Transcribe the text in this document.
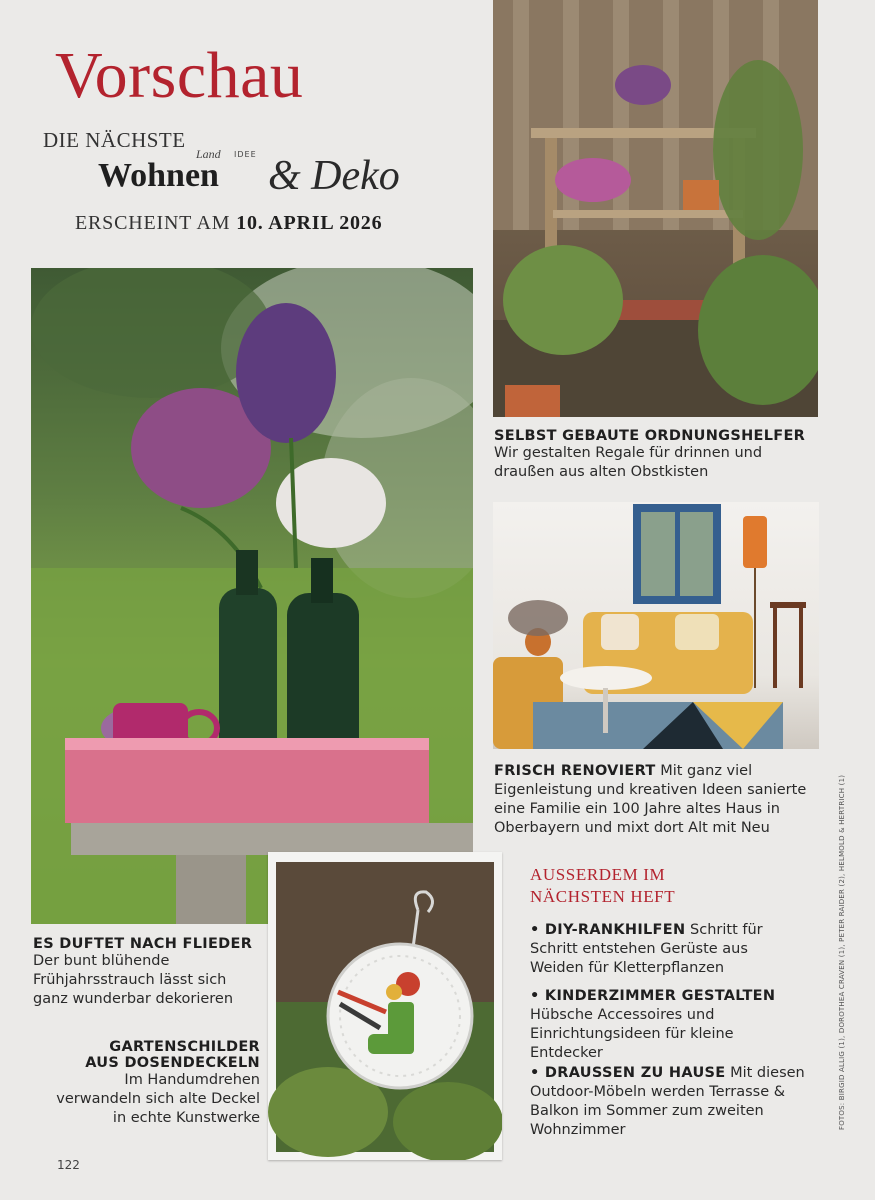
Vorschau
DIE NÄCHSTE
Land IDEE
Wohnen & Deko
ERSCHEINT AM 10. APRIL 2026
SELBST GEBAUTE ORDNUNGSHELFER
Wir gestalten Regale für drinnen und draußen aus alten Obstkisten
FRISCH RENOVIERT Mit ganz viel Eigenleistung und kreativen Ideen sanierte eine Familie ein 100 Jahre altes Haus in Oberbayern und mixt dort Alt mit Neu
ES DUFTET NACH FLIEDER
Der bunt blühende Frühjahrsstrauch lässt sich ganz wunderbar dekorieren
GARTENSCHILDER
AUS DOSENDECKELN
Im Handumdrehen verwandeln sich alte Deckel in echte Kunstwerke
AUSSERDEM IM
NÄCHSTEN HEFT
• DIY-RANKHILFEN Schritt für Schritt entstehen Gerüste aus Weiden für Kletterpflanzen
• KINDERZIMMER GESTALTEN Hübsche Accessoires und Einrichtungsideen für kleine Entdecker
• DRAUSSEN ZU HAUSE Mit diesen Outdoor-Möbeln werden Terrasse & Balkon im Sommer zum zweiten Wohnzimmer
122
FOTOS: BIRGID ALLIG (1), DOROTHEA CRAVEN (1), PETER RAIDER (2), HELMOLD & HERTRICH (1)
